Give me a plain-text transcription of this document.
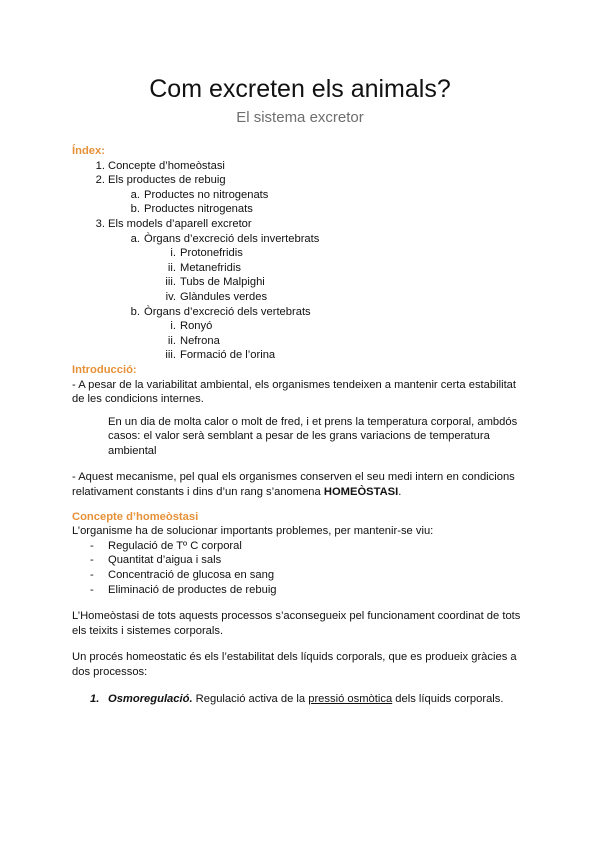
Com excreten els animals?
El sistema excretor
Índex:
1. Concepte d’homeòstasi
2. Els productes de rebuig
a. Productes no nitrogenats
b. Productes nitrogenats
3. Els models d’aparell excretor
a. Òrgans d’excreció dels invertebrats
i. Protonefridis
ii. Metanefridis
iii. Tubs de Malpighi
iv. Glàndules verdes
b. Òrgans d’excreció dels vertebrats
i. Ronyó
ii. Nefrona
iii. Formació de l’orina
Introducció:
- A pesar de la variabilitat ambiental, els organismes tendeixen a mantenir certa estabilitat
de les condicions internes.
En un dia de molta calor o molt de fred, i et prens la temperatura corporal, ambdós
casos: el valor serà semblant a pesar de les grans variacions de temperatura
ambiental
- Aquest mecanisme, pel qual els organismes conserven el seu medi intern en condicions
relativament constants i dins d’un rang s’anomena HOMEÒSTASI.
Concepte d’homeòstasi
L’organisme ha de solucionar importants problemes, per mantenir-se viu:
- Regulació de Tº C corporal
- Quantitat d’aigua i sals
- Concentració de glucosa en sang
- Eliminació de productes de rebuig
L’Homeòstasi de tots aquests processos s’aconsegueix pel funcionament coordinat de tots
els teixits i sistemes corporals.
Un procés homeostatic és els l’estabilitat dels líquids corporals, que es produeix gràcies a
dos processos:
1. Osmoregulació. Regulació activa de la pressió osmòtica dels líquids corporals.
